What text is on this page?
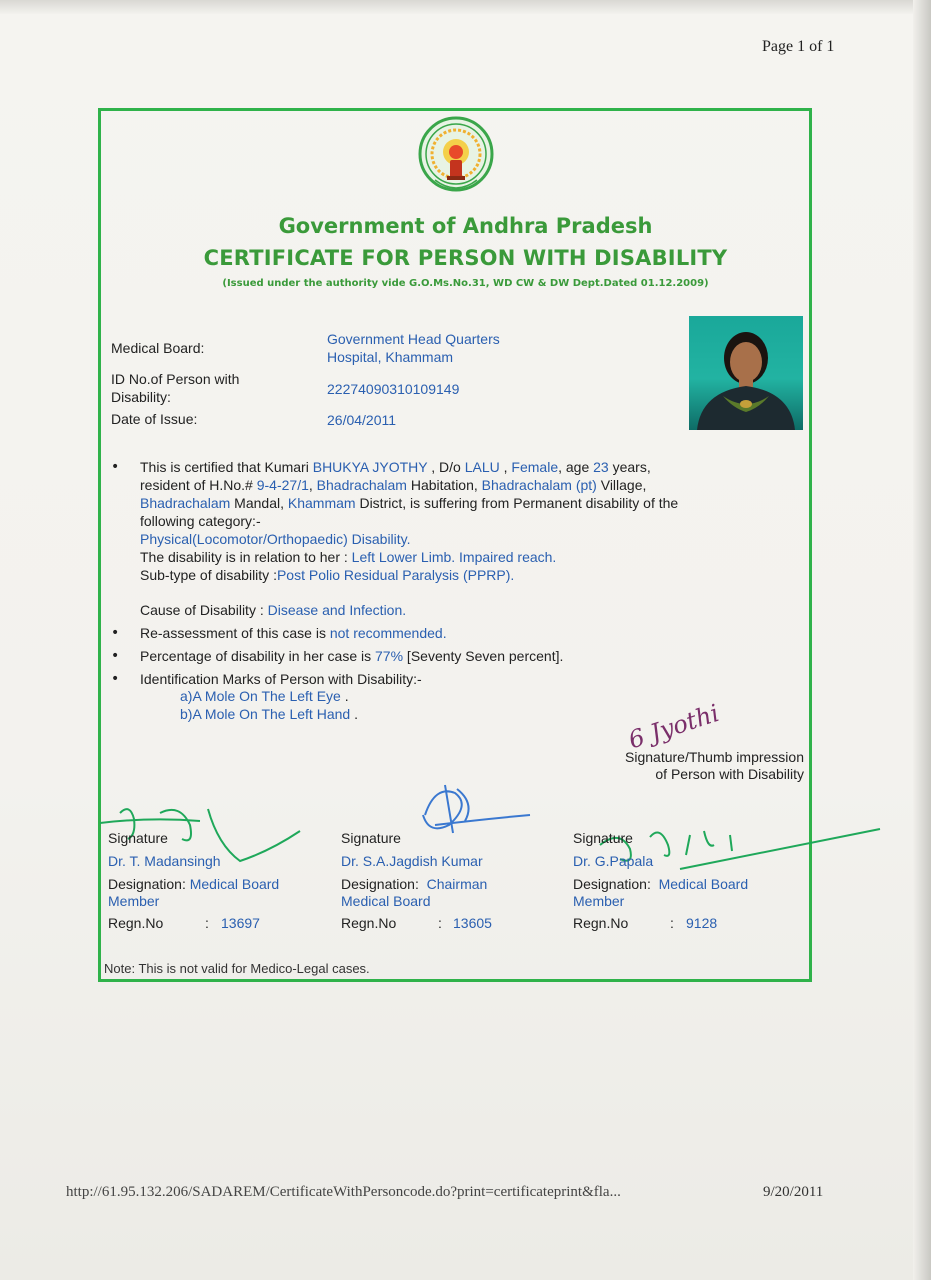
Page 1 of 1
Government of Andhra Pradesh
CERTIFICATE FOR PERSON WITH DISABILITY
(Issued under the authority vide G.O.Ms.No.31, WD CW & DW Dept.Dated 01.12.2009)
Medical Board:
Government Head Quarters
Hospital, Khammam
ID No.of Person with
Disability:	22274090310109149
Date of Issue:	26/04/2011
• This is certified that Kumari BHUKYA JYOTHY , D/o LALU , Female, age 23 years,
resident of H.No.# 9-4-27/1, Bhadrachalam Habitation, Bhadrachalam (pt) Village,
Bhadrachalam Mandal, Khammam District, is suffering from Permanent disability of the
following category:-
Physical(Locomotor/Orthopaedic) Disability.
The disability is in relation to her : Left Lower Limb. Impaired reach.
Sub-type of disability :Post Polio Residual Paralysis (PPRP).
Cause of Disability : Disease and Infection.
• Re-assessment of this case is not recommended.
• Percentage of disability in her case is 77% [Seventy Seven percent].
• Identification Marks of Person with Disability:-
a)A Mole On The Left Eye .
b)A Mole On The Left Hand .	6 Jyothi
Signature/Thumb impression
of Person with Disability
Signature
Dr. T. Madansingh
Designation: Medical Board
Member
Regn.No	: 13697
Signature
Dr. S.A.Jagdish Kumar
Designation: Chairman
Medical Board
Regn.No	: 13605
Signature
Dr. G.Papala
Designation: Medical Board
Member
Regn.No	: 9128
Note: This is not valid for Medico-Legal cases.
http://61.95.132.206/SADAREM/CertificateWithPersoncode.do?print=certificateprint&fla...	9/20/2011
